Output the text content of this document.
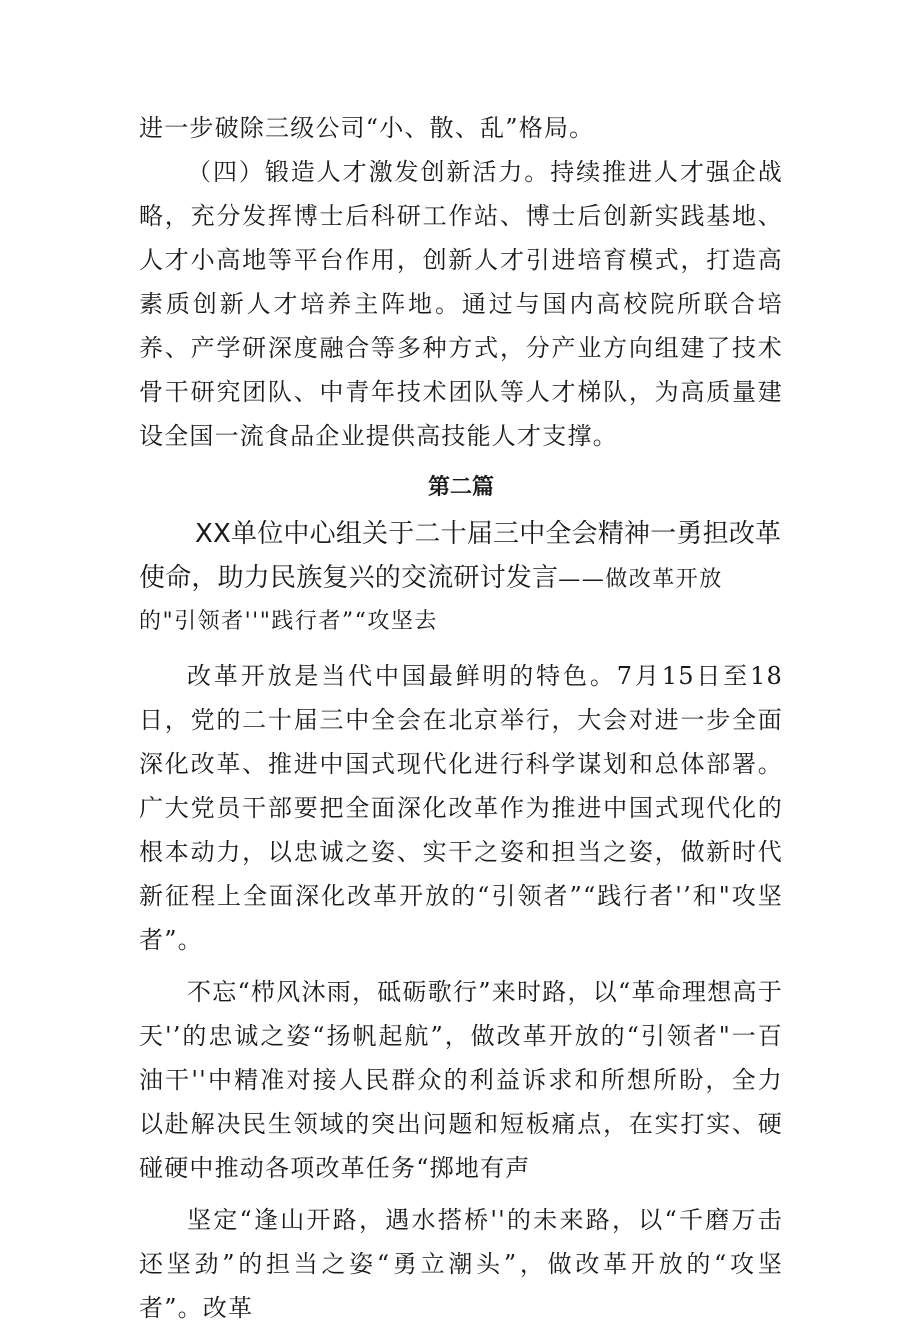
进一步破除三级公司“小、散、乱”格局。

（四）锻造人才激发创新活力。持续推进人才强企战略，充分发挥博士后科研工作站、博士后创新实践基地、人才小高地等平台作用，创新人才引进培育模式，打造高素质创新人才培养主阵地。通过与国内高校院所联合培养、产学研深度融合等多种方式，分产业方向组建了技术骨干研究团队、中青年技术团队等人才梯队，为高质量建设全国一流食品企业提供高技能人才支撑。

第二篇

XX单位中心组关于二十届三中全会精神一勇担改革使命，助力民族复兴的交流研讨发言——做改革开放

的"引领者''"践行者”“攻坚去

改革开放是当代中国最鲜明的特色。7月15日至18日，党的二十届三中全会在北京举行，大会对进一步全面深化改革、推进中国式现代化进行科学谋划和总体部署。广大党员干部要把全面深化改革作为推进中国式现代化的根本动力，以忠诚之姿、实干之姿和担当之姿，做新时代新征程上全面深化改革开放的“引领者”“践行者'’和"攻坚者”。

不忘“栉风沐雨，砥砺歌行”来时路，以“革命理想高于天'’的忠诚之姿“扬帆起航”，做改革开放的“引领者"一百油干''中精准对接人民群众的利益诉求和所想所盼，全力以赴解决民生领域的突出问题和短板痛点，在实打实、硬碰硬中推动各项改革任务“掷地有声

坚定“逢山开路，遇水搭桥''的未来路，以“千磨万击还坚劲”的担当之姿“勇立潮头”，做改革开放的“攻坚者”。改革
